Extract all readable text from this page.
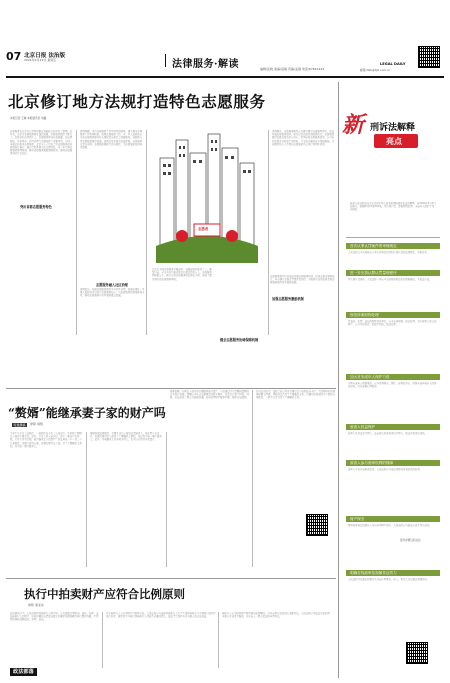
07 北京日报 法治版
2021年2月19日 星期五	法律服务·解读	编辑/张晓 美编/高瑞 责编/孟刚 电话/67641234
LEGAL DAILY
邮箱 fzzk@bjd.com.cn
北京修订地方法规打造特色志愿服务
本报记者 王琳 本报通讯员 刘鑫
志愿服务在北京具有深厚的群众基础和良好的社会氛围。近年来，北京市志愿服务事业蓬勃发展，志愿服务组织不断壮大，志愿者队伍持续扩大，志愿服务领域日益拓展，在疫情防控、冬奥筹办、社区治理等方面发挥了重要作用。为进一步规范和促进志愿服务，北京市人大常委会对志愿服务促进条例进行修订。修订后的条例突出首都特色，进一步完善志愿服务管理体制，健全志愿服务激励保障机制，推动志愿服务制度化常态化。
突出首都志愿服务特色
条例明确，本市志愿服务工作坚持党的领导，建立健全志愿服务工作协调机制，统筹志愿服务工作。市、区人民政府应当将志愿服务事业纳入国民经济和社会发展规划，鼓励和支持志愿服务组织发展。条例还对志愿者权益保障、志愿服务记录与证明、志愿服务激励等作出规定，为志愿服务提供制度保障。
志愿者
志愿服务融入社区治理
条例提出，鼓励志愿服务组织参与社区治理，街道办事处、乡镇人民政府可以设立志愿服务站点，为志愿服务提供场地和支持，推动志愿服务与社区服务融合发展。
北京是全国志愿服务开展最早、发展最快的地区之一。截至目前，全市实名注册志愿者已超过四百万人，志愿服务团体数万个，累计记录志愿服务时长数亿小时，形成了覆盖城乡的志愿服务网络。
条例要求，志愿服务组织应当建立健全内部管理制度，依法开展志愿服务活动，如实记录志愿者的服务信息。志愿服务组织安排志愿者参与具有一定风险的志愿服务活动，应当告知志愿者可能发生的风险，并采取必要的安全保障措施。任何组织和个人不得以志愿服务名义进行营利性活动。
健全志愿服务协调保障机制
志愿服务组织可以依法开展志愿服务培训，提高志愿者服务能力。本市建立志愿者星级评定制度，对表现突出的志愿者和志愿服务组织给予表彰奖励。
加强志愿服务激励机制
“赘婿”能继承妻子家的财产吗
特邀撰稿	律师 胡凯
王先生与李女士结婚后，一直居住在李女士父母家中，并承担了照顾岳父母的主要责任。近日，李女士的父亲去世，留下一套房产及存款。王先生作为女婿，能否继承岳父的遗产？民法典第一千一百二十九条规定，丧偶儿媳对公婆，丧偶女婿对岳父母，尽了主要赡养义务的，作为第一顺序继承人。
根据我国法律规定，女婿并非岳父母的法定继承人。但在妻子去世后，丧偶女婿对岳父母尽了主要赡养义务的，可以作为第一顺序继承人。此外，对被继承人扶养较多的人，也可以分得适当的遗产。
律师提醒，如果岳父母希望女婿继承部分遗产，可以通过订立遗嘱或遗赠的方式进行安排。遗嘱应当符合法律规定的形式要件，以免日后发生纠纷。同时，家庭成员之间应当加强沟通，妥善处理财产继承问题，维护家庭和睦。
在司法实践中，法院会综合考虑女婿对岳父母的经济支持、生活照料以及精神慰藉等因素，判断其是否尽了主要赡养义务。仅偶尔探望或给予少量经济帮助的，一般不认定为尽了主要赡养义务。
执行中拍卖财产应符合比例原则
律师 黄亚东
在民事执行中，人民法院拍卖被执行人财产时，应当遵循比例原则，查封、扣押、冻结被执行人的财产，以其价额足以清偿法律文书确定的债权额及执行费用为限，不得明显超标的额查封、扣押、冻结。
对于被执行人有多项财产可供执行的，人民法院应当选择对被执行人生产生活影响较小且方便执行的财产进行处置，避免因不当执行给被执行人造成不必要的损失，依法平等保护各方当事人的合法权益。
被执行人认为拍卖财产明显超出标的额的，可以向执行法院提出书面异议，人民法院应当依法审查处理。当事人对裁定不服的，可以向上一级人民法院申请复议。
政法部落
新 刑诉法解释
亮点
最高人民法院发布关于适用中华人民共和国刑事诉讼法的解释，自2021年3月1日起施行。新解释共27章655条，对认罪认罚、涉案财物处理、未成年人保护等作出规定。
首次认罪认罚案件的审理规定
人民法院应当告知被告人享有的诉讼权利和认罪认罚的法律规定，听取意见。
进一步完善认罪认罚量刑程序
对认罪认罚案件，人民法院一般应当采纳检察院提出的量刑建议，并依法审查。
规范涉案财物处理
对查封、扣押、冻结的财物及其孳息，应当妥善保管，依法处理。对于被害人的合法财产，应当及时返还；权属不明的，依法处理。
加大对未成年人保护力度
审理未成年人刑事案件，应当贯彻教育、感化、挽救的方针，保障未成年被告人的诉讼权利，可以安排心理疏导。
被害人权益保护
被害人及其法定代理人、近亲属有权委托诉讼代理人，依法参加诉讼活动。
被害人参与庭审权利的保障
被害人可以出庭陈述意见，人民法院应当依法保障其发表意见的权利。
财产保全
附带民事诉讼的原告人可以申请财产保全，人民法院应当依法审查并作出裁定。
明确在线庭审及视频作证效力
人民法院可以通过视频方式开庭审理案件，证人、鉴定人可以通过视频作证。
更多详情扫码关注
